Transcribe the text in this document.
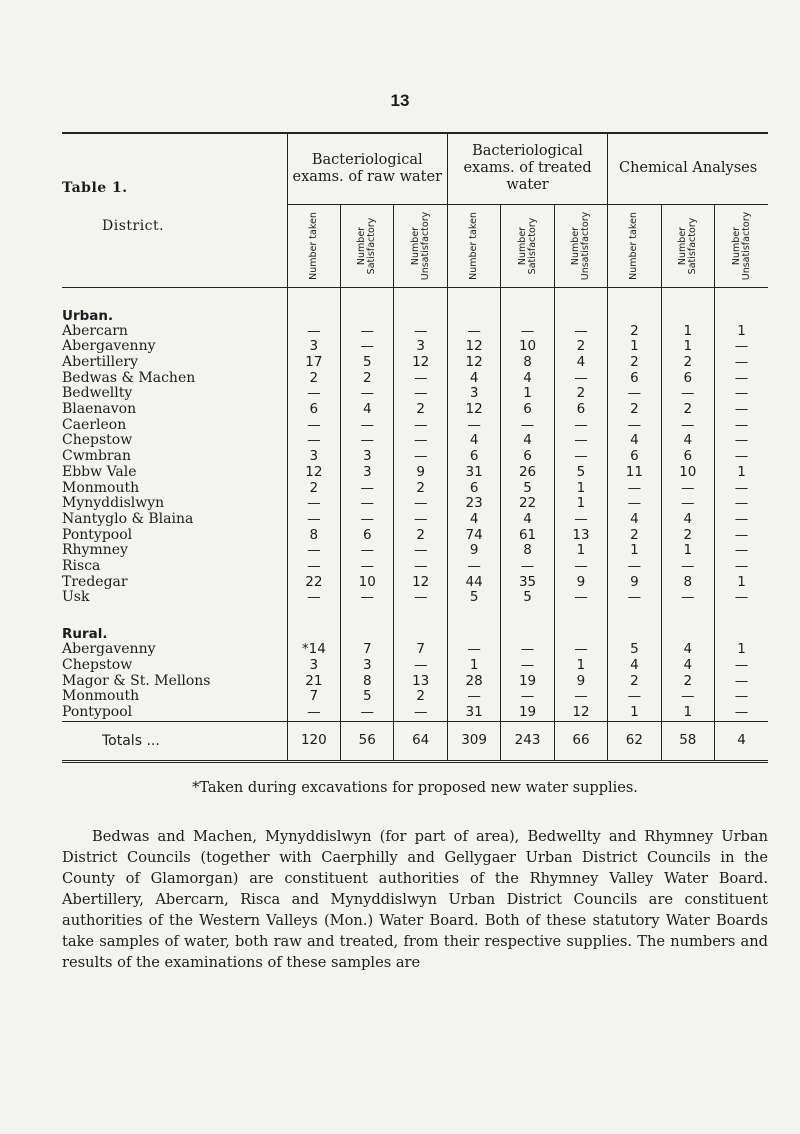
13
Table 1.	Bacteriological exams. of raw water			Bacteriological exams. of treated water			Chemical Analyses		
District.	Number taken	Number Satisfactory	Number Unsatisfactory	Number taken	Number Satisfactory	Number Unsatisfactory	Number taken	Number Satisfactory	Number Unsatisfactory

Urban.									
Abercarn	—	—	—	—	—	—	2	1	1
Abergavenny	3	—	3	12	10	2	1	1	—
Abertillery	17	5	12	12	8	4	2	2	—
Bedwas & Machen	2	2	—	4	4	—	6	6	—
Bedwellty	—	—	—	3	1	2	—	—	—
Blaenavon	6	4	2	12	6	6	2	2	—
Caerleon	—	—	—	—	—	—	—	—	—
Chepstow	—	—	—	4	4	—	4	4	—
Cwmbran	3	3	—	6	6	—	6	6	—
Ebbw Vale	12	3	9	31	26	5	11	10	1
Monmouth	2	—	2	6	5	1	—	—	—
Mynyddislwyn	—	—	—	23	22	1	—	—	—
Nantyglo & Blaina	—	—	—	4	4	—	4	4	—
Pontypool	8	6	2	74	61	13	2	2	—
Rhymney	—	—	—	9	8	1	1	1	—
Risca	—	—	—	—	—	—	—	—	—
Tredegar	22	10	12	44	35	9	9	8	1
Usk	—	—	—	5	5	—	—	—	—

Rural.									
Abergavenny	*14	7	7	—	—	—	5	4	1
Chepstow	3	3	—	1	—	1	4	4	—
Magor & St. Mellons	21	8	13	28	19	9	2	2	—
Monmouth	7	5	2	—	—	—	—	—	—
Pontypool	—	—	—	31	19	12	1	1	—
Totals ...	120	56	64	309	243	66	62	58	4
*Taken during excavations for proposed new water supplies.
Bedwas and Machen, Mynyddislwyn (for part of area), Bedwellty and Rhymney Urban District Councils (together with Caerphilly and Gellygaer Urban District Councils in the County of Glamorgan) are constituent authorities of the Rhymney Valley Water Board. Abertillery, Abercarn, Risca and Mynyddislwyn Urban District Councils are constituent authorities of the Western Valleys (Mon.) Water Board. Both of these statutory Water Boards take samples of water, both raw and treated, from their respective supplies. The numbers and results of the examinations of these samples are
